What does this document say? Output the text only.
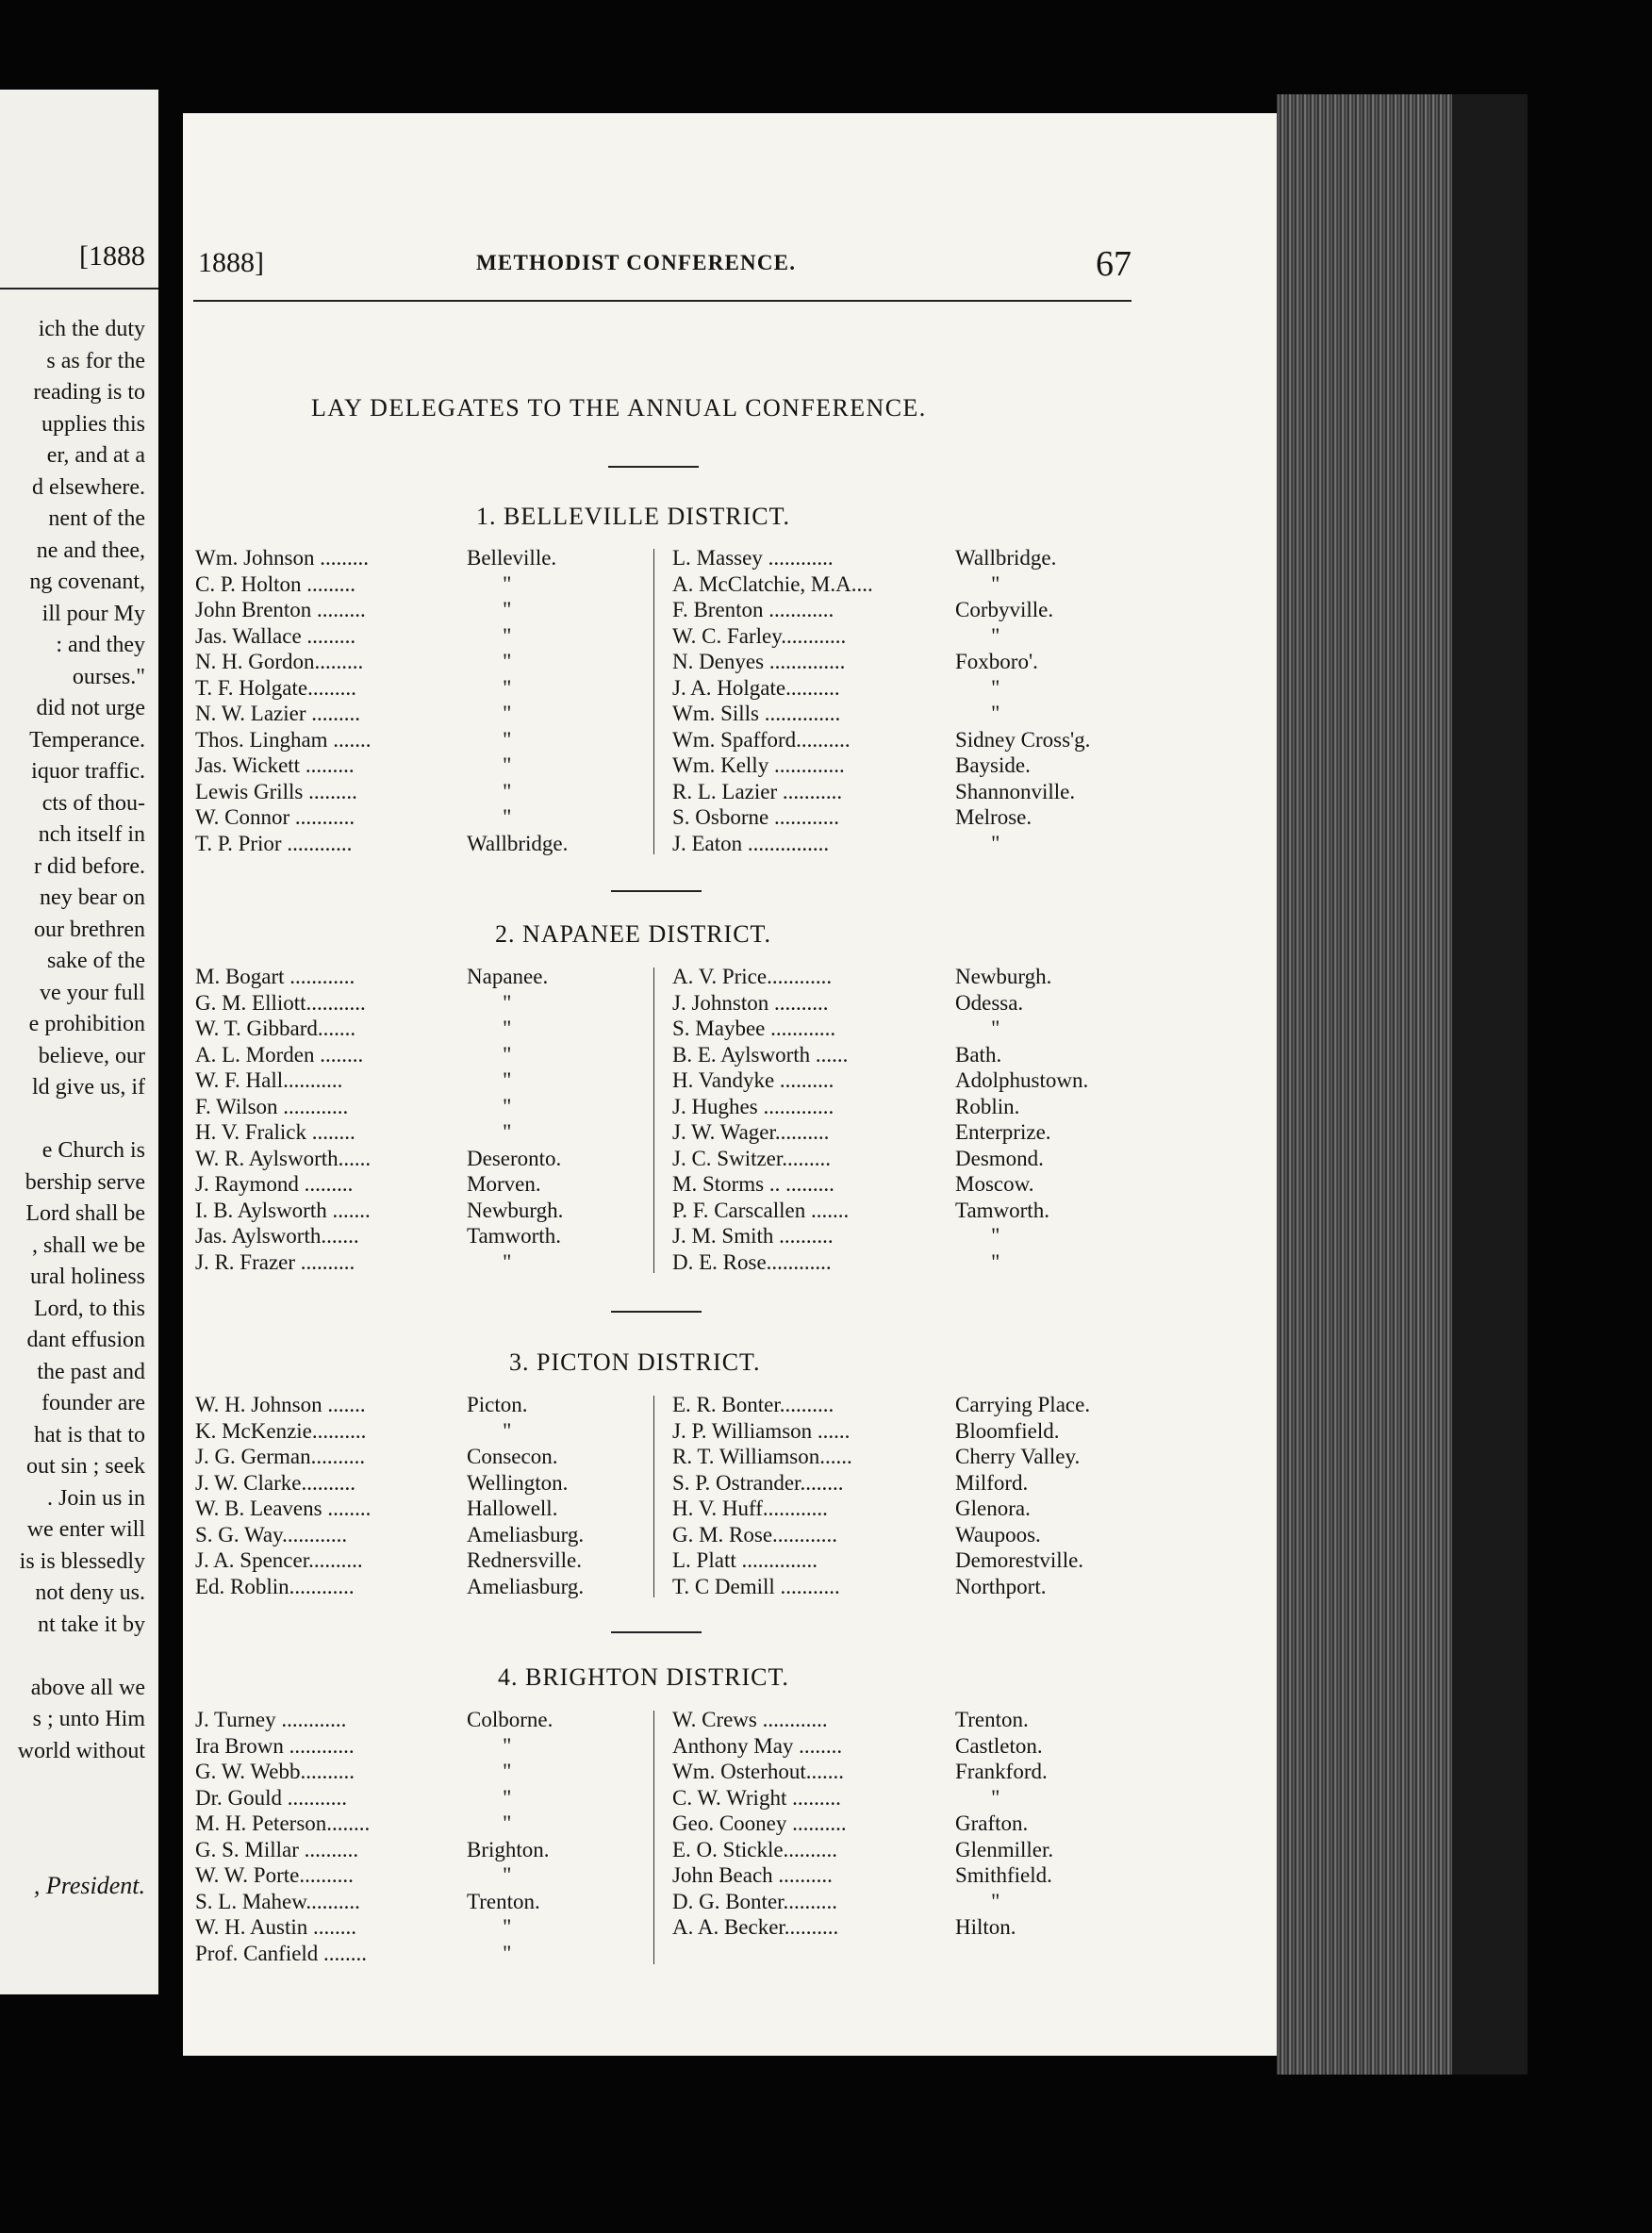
[1888
ich the duty
s as for the
reading is to
upplies this
er, and at a
d elsewhere.
nent of the
ne and thee,
ng covenant,
ill pour My
: and they
ourses."
did not urge
Temperance.
iquor traffic.
cts of thou-
nch itself in
r did before.
ney bear on
our brethren
sake of the
ve your full
e prohibition
believe, our
ld give us, if
e Church is
bership serve
Lord shall be
, shall we be
ural holiness
Lord, to this
dant effusion
the past and
founder are
hat is that to
out sin ; seek
. Join us in
we enter will
is is blessedly
not deny us.
nt take it by
above all we
s ; unto Him
world without
, President.
1888]	METHODIST CONFERENCE.	67
LAY DELEGATES TO THE ANNUAL CONFERENCE.
1. BELLEVILLE DISTRICT.
Wm. Johnson .........	Belleville.
C. P. Holton .........	"
John Brenton .........	"
Jas. Wallace .........	"
N. H. Gordon.........	"
T. F. Holgate.........	"
N. W. Lazier .........	"
Thos. Lingham .......	"
Jas. Wickett .........	"
Lewis Grills .........	"
W. Connor ...........	"
T. P. Prior ............	Wallbridge.
L. Massey ............	Wallbridge.
A. McClatchie, M.A....	"
F. Brenton ............	Corbyville.
W. C. Farley............	"
N. Denyes ..............	Foxboro'.
J. A. Holgate..........	"
Wm. Sills ..............	"
Wm. Spafford..........	Sidney Cross'g.
Wm. Kelly .............	Bayside.
R. L. Lazier ...........	Shannonville.
S. Osborne ............	Melrose.
J. Eaton ...............	"
2. NAPANEE DISTRICT.
M. Bogart ............	Napanee.
G. M. Elliott...........	"
W. T. Gibbard.......	"
A. L. Morden ........	"
W. F. Hall...........	"
F. Wilson ............	"
H. V. Fralick ........	"
W. R. Aylsworth......	Deseronto.
J. Raymond .........	Morven.
I. B. Aylsworth .......	Newburgh.
Jas. Aylsworth.......	Tamworth.
J. R. Frazer ..........	"
A. V. Price............	Newburgh.
J. Johnston ..........	Odessa.
S. Maybee ............	"
B. E. Aylsworth ......	Bath.
H. Vandyke ..........	Adolphustown.
J. Hughes .............	Roblin.
J. W. Wager..........	Enterprize.
J. C. Switzer.........	Desmond.
M. Storms .. .........	Moscow.
P. F. Carscallen .......	Tamworth.
J. M. Smith ..........	"
D. E. Rose............	"
3. PICTON DISTRICT.
W. H. Johnson .......	Picton.
K. McKenzie..........	"
J. G. German..........	Consecon.
J. W. Clarke..........	Wellington.
W. B. Leavens ........	Hallowell.
S. G. Way............	Ameliasburg.
J. A. Spencer..........	Rednersville.
Ed. Roblin............	Ameliasburg.
E. R. Bonter..........	Carrying Place.
J. P. Williamson ......	Bloomfield.
R. T. Williamson......	Cherry Valley.
S. P. Ostrander........	Milford.
H. V. Huff............	Glenora.
G. M. Rose............	Waupoos.
L. Platt ..............	Demorestville.
T. C Demill ...........	Northport.
4. BRIGHTON DISTRICT.
J. Turney ............	Colborne.
Ira Brown ............	"
G. W. Webb..........	"
Dr. Gould ...........	"
M. H. Peterson........	"
G. S. Millar ..........	Brighton.
W. W. Porte..........	"
S. L. Mahew..........	Trenton.
W. H. Austin ........	"
Prof. Canfield ........	"
W. Crews ............	Trenton.
Anthony May ........	Castleton.
Wm. Osterhout.......	Frankford.
C. W. Wright .........	"
Geo. Cooney ..........	Grafton.
E. O. Stickle..........	Glenmiller.
John Beach ..........	Smithfield.
D. G. Bonter..........	"
A. A. Becker..........	Hilton.
